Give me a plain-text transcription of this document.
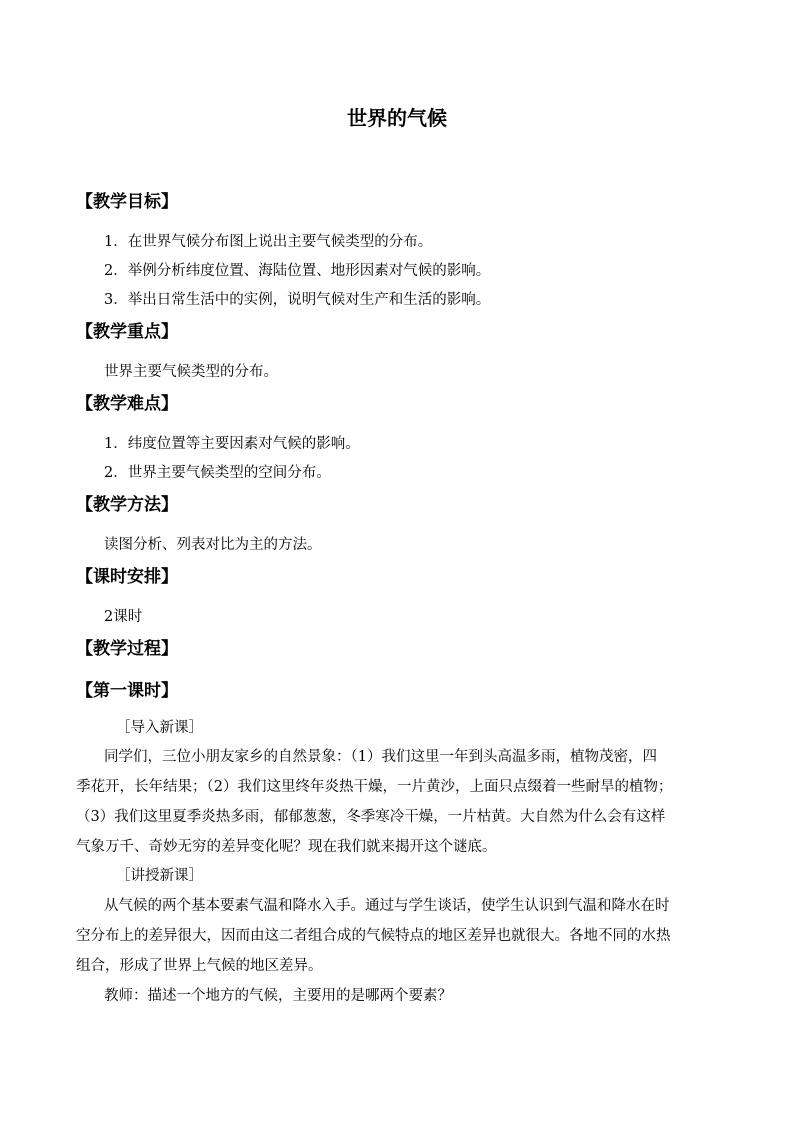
世界的气候
【教学目标】
1．在世界气候分布图上说出主要气候类型的分布。
2．举例分析纬度位置、海陆位置、地形因素对气候的影响。
3．举出日常生活中的实例，说明气候对生产和生活的影响。
【教学重点】
世界主要气候类型的分布。
【教学难点】
1．纬度位置等主要因素对气候的影响。
2．世界主要气候类型的空间分布。
【教学方法】
读图分析、列表对比为主的方法。
【课时安排】
2课时
【教学过程】
【第一课时】
［导入新课］
同学们，三位小朋友家乡的自然景象：（1）我们这里一年到头高温多雨，植物茂密，四
季花开，长年结果；（2）我们这里终年炎热干燥，一片黄沙，上面只点缀着一些耐旱的植物；
（3）我们这里夏季炎热多雨，郁郁葱葱，冬季寒冷干燥，一片枯黄。大自然为什么会有这样
气象万千、奇妙无穷的差异变化呢？现在我们就来揭开这个谜底。
［讲授新课］
从气候的两个基本要素气温和降水入手。通过与学生谈话，使学生认识到气温和降水在时
空分布上的差异很大，因而由这二者组合成的气候特点的地区差异也就很大。各地不同的水热
组合，形成了世界上气候的地区差异。
教师：描述一个地方的气候，主要用的是哪两个要素？
